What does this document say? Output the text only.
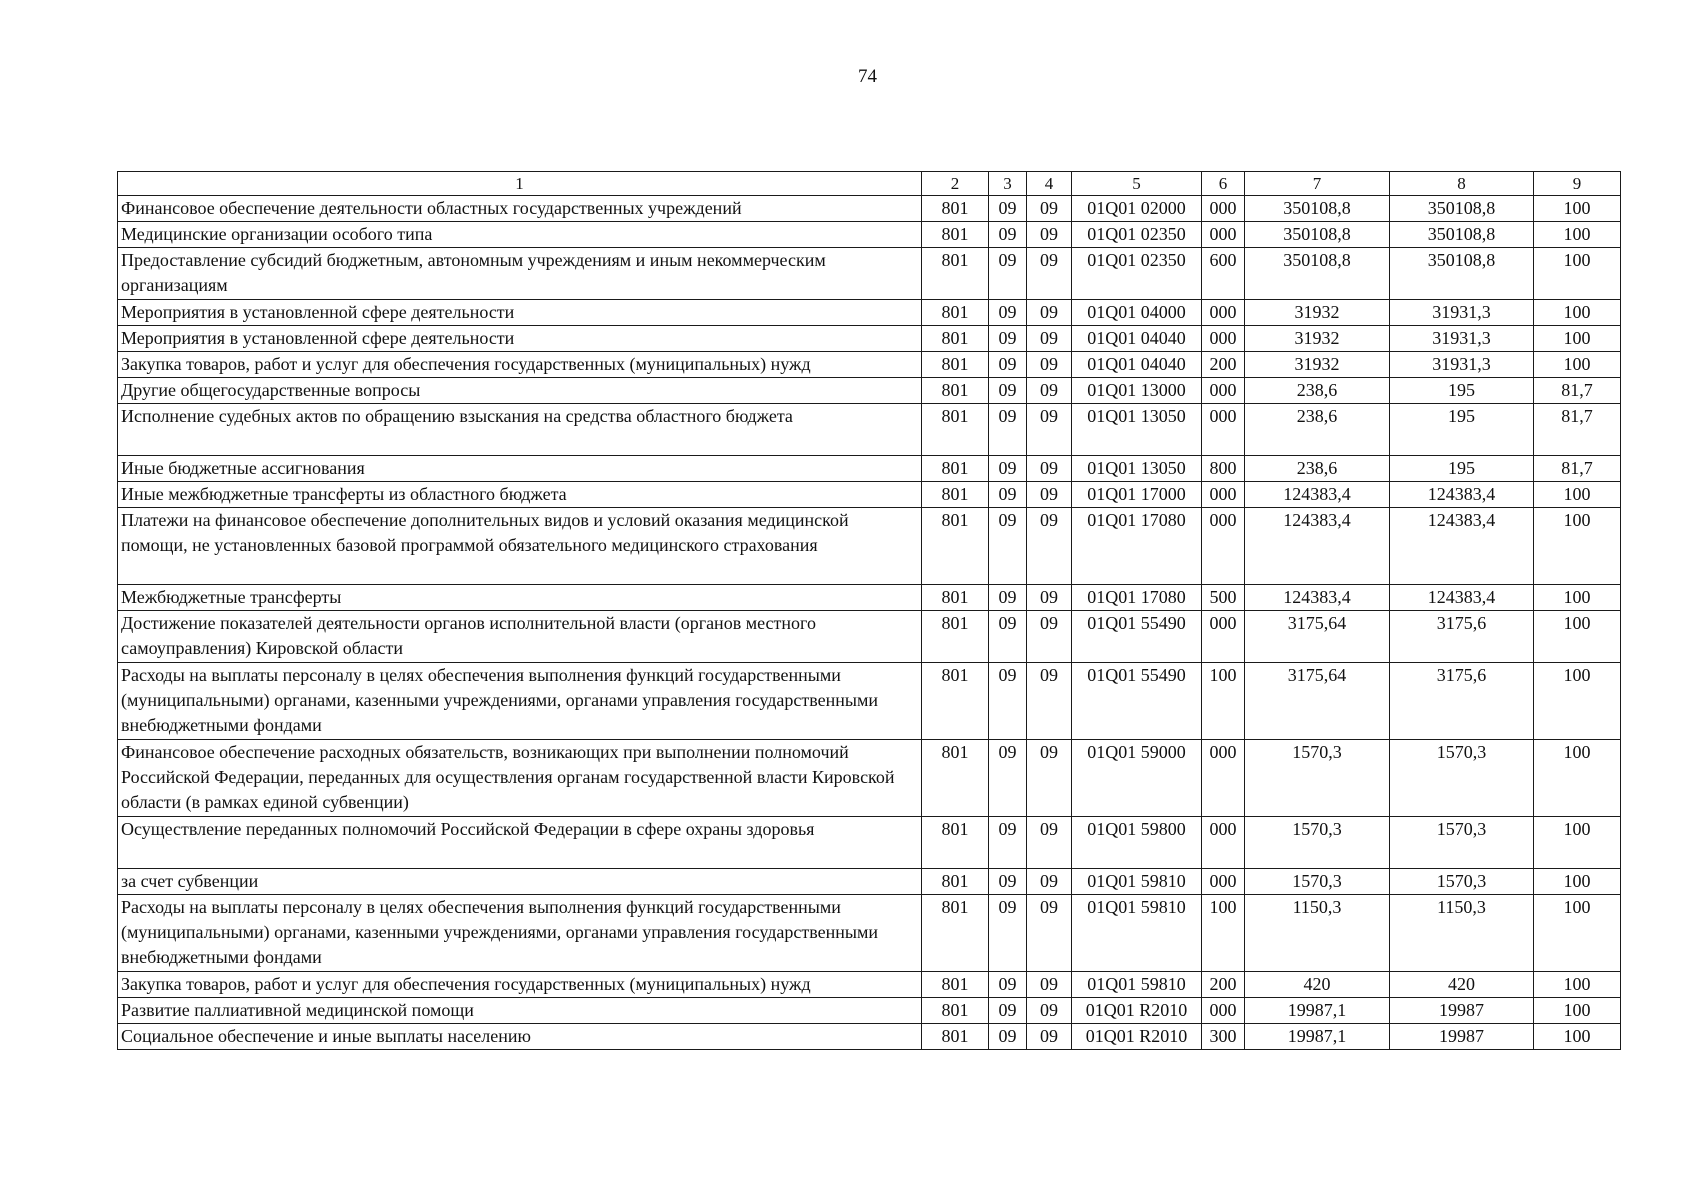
74
1	2	3	4	5	6	7	8	9
Финансовое обеспечение деятельности областных государственных учреждений	801	09	09	01Q01 02000	000	350108,8	350108,8	100
Медицинские организации особого типа	801	09	09	01Q01 02350	000	350108,8	350108,8	100
Предоставление субсидий бюджетным, автономным учреждениям и иным некоммерческим организациям	801	09	09	01Q01 02350	600	350108,8	350108,8	100
Мероприятия в установленной сфере деятельности	801	09	09	01Q01 04000	000	31932	31931,3	100
Мероприятия в установленной сфере деятельности	801	09	09	01Q01 04040	000	31932	31931,3	100
Закупка товаров, работ и услуг для обеспечения государственных (муниципальных) нужд	801	09	09	01Q01 04040	200	31932	31931,3	100
Другие общегосударственные вопросы	801	09	09	01Q01 13000	000	238,6	195	81,7
Исполнение судебных актов по обращению взыскания на средства областного бюджета	801	09	09	01Q01 13050	000	238,6	195	81,7
Иные бюджетные ассигнования	801	09	09	01Q01 13050	800	238,6	195	81,7
Иные межбюджетные трансферты из областного бюджета	801	09	09	01Q01 17000	000	124383,4	124383,4	100
Платежи на финансовое обеспечение дополнительных видов и условий оказания медицинской помощи, не установленных базовой программой обязательного медицинского страхования	801	09	09	01Q01 17080	000	124383,4	124383,4	100
Межбюджетные трансферты	801	09	09	01Q01 17080	500	124383,4	124383,4	100
Достижение показателей деятельности органов исполнительной власти (органов местного самоуправления) Кировской области	801	09	09	01Q01 55490	000	3175,64	3175,6	100
Расходы на выплаты персоналу в целях обеспечения выполнения функций государственными (муниципальными) органами, казенными учреждениями, органами управления государственными внебюджетными фондами	801	09	09	01Q01 55490	100	3175,64	3175,6	100
Финансовое обеспечение расходных обязательств, возникающих при выполнении полномочий Российской Федерации, переданных для осуществления органам государственной власти Кировской области (в рамках единой субвенции)	801	09	09	01Q01 59000	000	1570,3	1570,3	100
Осуществление переданных полномочий Российской Федерации в сфере охраны здоровья	801	09	09	01Q01 59800	000	1570,3	1570,3	100
за счет субвенции	801	09	09	01Q01 59810	000	1570,3	1570,3	100
Расходы на выплаты персоналу в целях обеспечения выполнения функций государственными (муниципальными) органами, казенными учреждениями, органами управления государственными внебюджетными фондами	801	09	09	01Q01 59810	100	1150,3	1150,3	100
Закупка товаров, работ и услуг для обеспечения государственных (муниципальных) нужд	801	09	09	01Q01 59810	200	420	420	100
Развитие паллиативной медицинской помощи	801	09	09	01Q01 R2010	000	19987,1	19987	100
Социальное обеспечение и иные выплаты населению	801	09	09	01Q01 R2010	300	19987,1	19987	100
